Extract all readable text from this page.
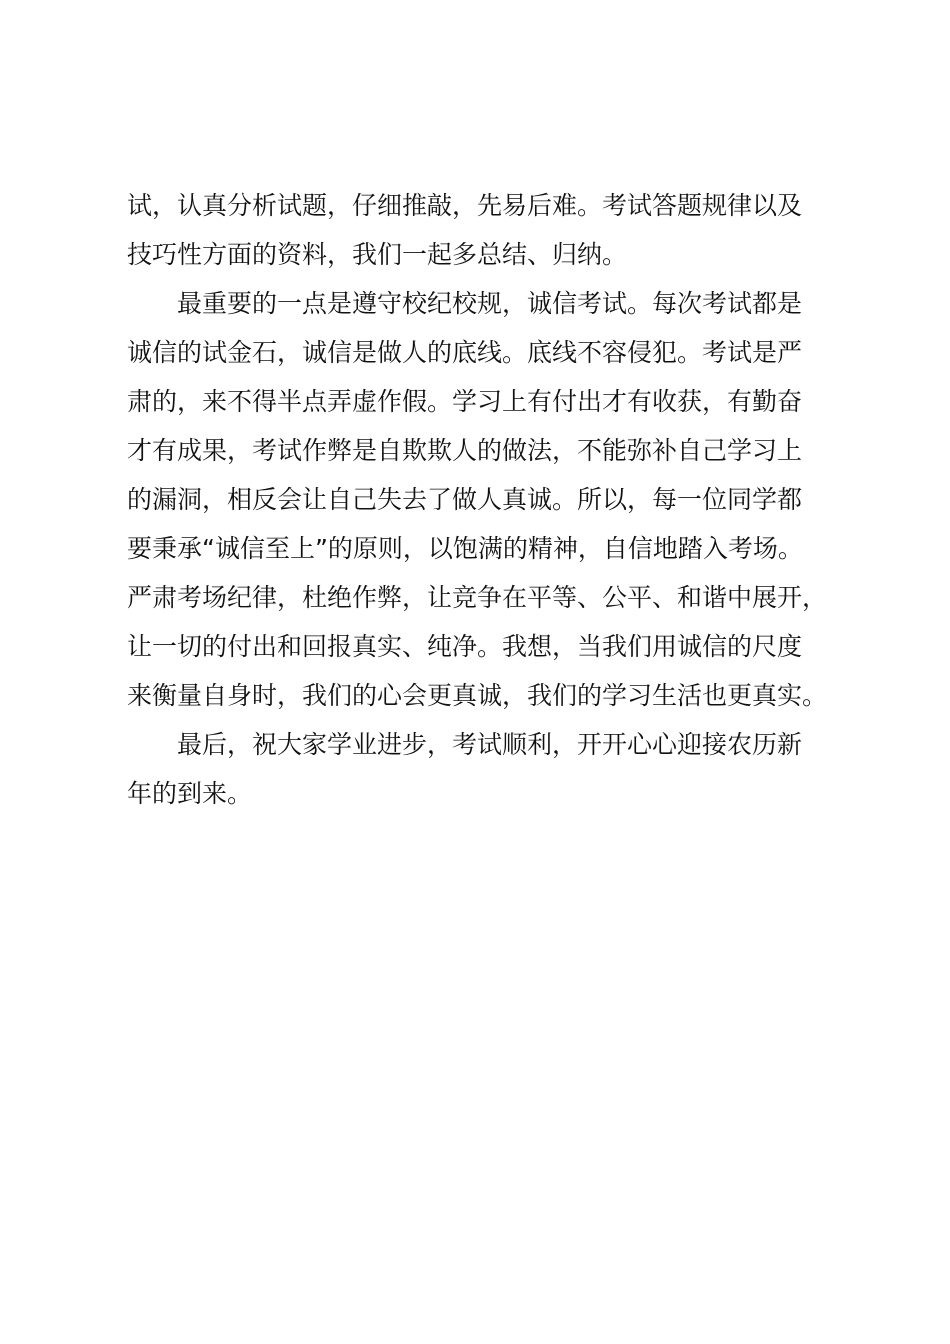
试，认真分析试题，仔细推敲，先易后难。考试答题规律以及
技巧性方面的资料，我们一起多总结、归纳。
最重要的一点是遵守校纪校规，诚信考试。每次考试都是
诚信的试金石，诚信是做人的底线。底线不容侵犯。考试是严
肃的，来不得半点弄虚作假。学习上有付出才有收获，有勤奋
才有成果，考试作弊是自欺欺人的做法，不能弥补自己学习上
的漏洞，相反会让自己失去了做人真诚。所以，每一位同学都
要秉承“诚信至上”的原则，以饱满的精神，自信地踏入考场。
严肃考场纪律，杜绝作弊，让竞争在平等、公平、和谐中展开，
让一切的付出和回报真实、纯净。我想，当我们用诚信的尺度
来衡量自身时，我们的心会更真诚，我们的学习生活也更真实。
最后，祝大家学业进步，考试顺利，开开心心迎接农历新
年的到来。
